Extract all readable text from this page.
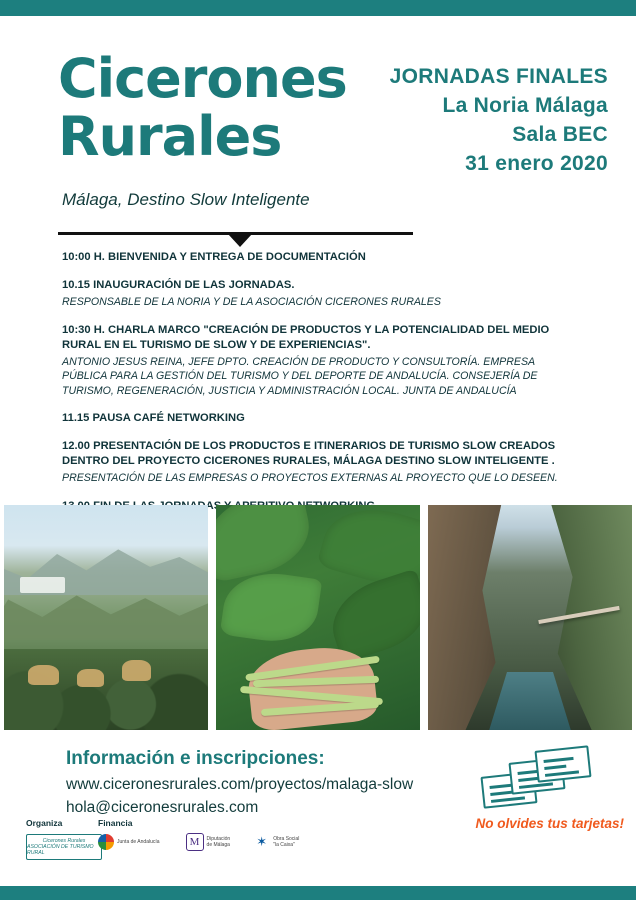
Cicerones
Rurales
Málaga, Destino Slow Inteligente
JORNADAS FINALES
La Noria Málaga
Sala BEC
31 enero 2020
10:00 H. BIENVENIDA Y ENTREGA DE DOCUMENTACIÓN
10.15 INAUGURACIÓN DE LAS JORNADAS.
RESPONSABLE DE LA NORIA Y DE LA ASOCIACIÓN CICERONES RURALES
10:30 H. CHARLA MARCO "CREACIÓN DE PRODUCTOS Y LA POTENCIALIDAD DEL MEDIO RURAL EN EL TURISMO DE SLOW Y DE EXPERIENCIAS".
ANTONIO JESUS REINA, JEFE DPTO. CREACIÓN DE PRODUCTO Y CONSULTORÍA. EMPRESA PÚBLICA PARA LA GESTIÓN DEL TURISMO Y DEL DEPORTE DE ANDALUCÍA. CONSEJERÍA DE TURISMO, REGENERACIÓN, JUSTICIA Y ADMINISTRACIÓN LOCAL. JUNTA DE ANDALUCÍA
11.15 PAUSA CAFÉ NETWORKING
12.00 PRESENTACIÓN DE LOS PRODUCTOS E ITINERARIOS DE TURISMO SLOW CREADOS DENTRO DEL PROYECTO CICERONES RURALES, MÁLAGA DESTINO SLOW INTELIGENTE .
PRESENTACIÓN DE LAS EMPRESAS O PROYECTOS EXTERNAS AL PROYECTO QUE LO DESEEN.
Información e inscripciones:
www.ciceronesrurales.com/proyectos/malaga-slow
hola@ciceronesrurales.com
No olvides tus tarjetas!
Organiza
Cicerones Rurales
ASOCIACIÓN DE TURISMO RURAL
Financia
Junta de Andalucía	M	Diputación
de Málaga ✶	Obra Social
"la Caixa"
